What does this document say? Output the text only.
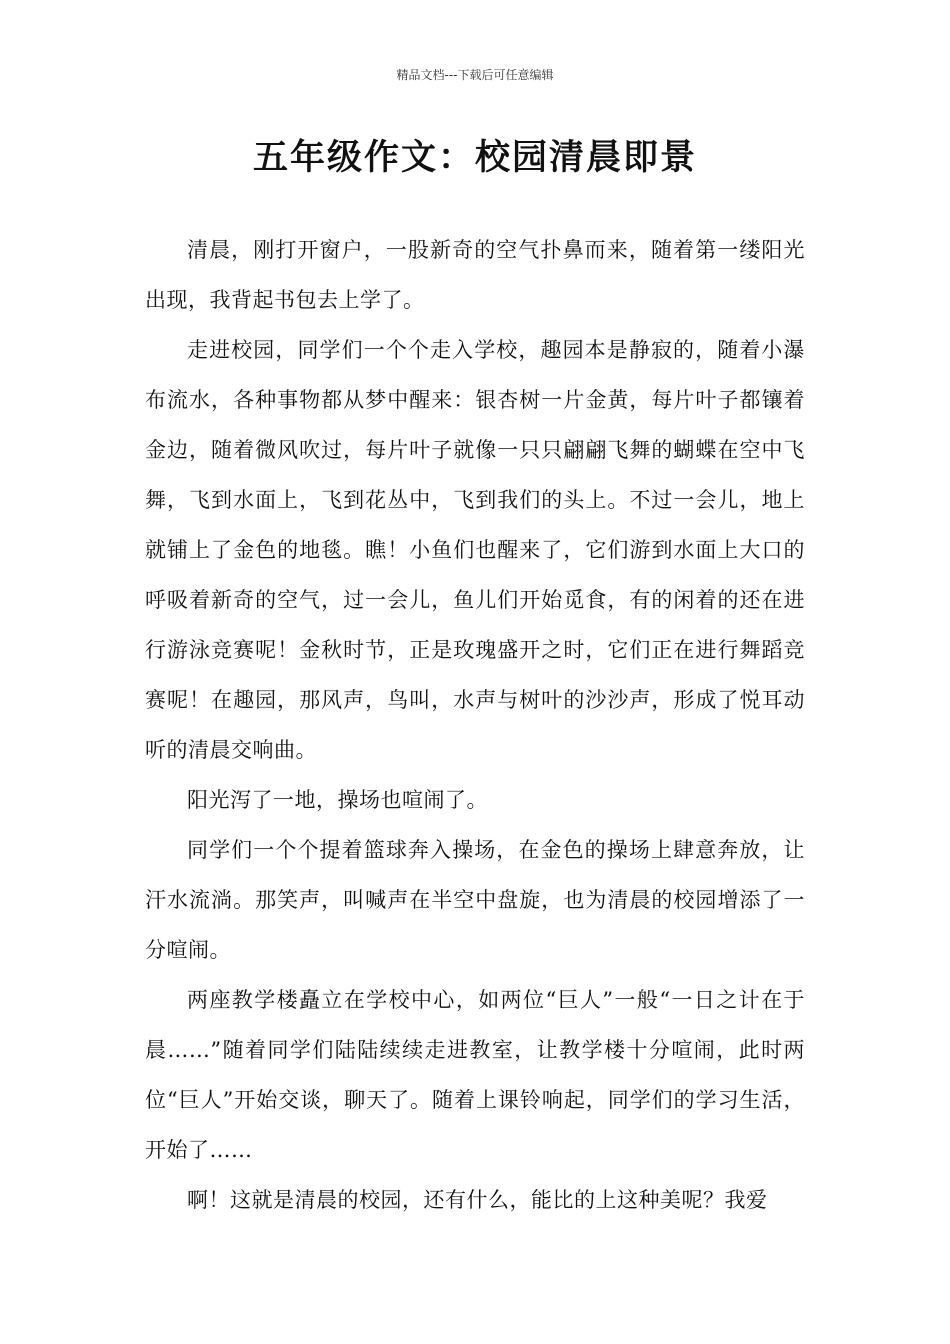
精品文档---下载后可任意编辑
五年级作文：校园清晨即景

清晨，刚打开窗户，一股新奇的空气扑鼻而来，随着第一缕阳光出现，我背起书包去上学了。

走进校园，同学们一个个走入学校，趣园本是静寂的，随着小瀑布流水，各种事物都从梦中醒来：银杏树一片金黄，每片叶子都镶着金边，随着微风吹过，每片叶子就像一只只翩翩飞舞的蝴蝶在空中飞舞，飞到水面上，飞到花丛中，飞到我们的头上。不过一会儿，地上就铺上了金色的地毯。瞧！小鱼们也醒来了，它们游到水面上大口的呼吸着新奇的空气，过一会儿，鱼儿们开始觅食，有的闲着的还在进行游泳竞赛呢！金秋时节，正是玫瑰盛开之时，它们正在进行舞蹈竞赛呢！在趣园，那风声，鸟叫，水声与树叶的沙沙声，形成了悦耳动听的清晨交响曲。

阳光泻了一地，操场也喧闹了。

同学们一个个提着篮球奔入操场，在金色的操场上肆意奔放，让汗水流淌。那笑声，叫喊声在半空中盘旋，也为清晨的校园增添了一分喧闹。

两座教学楼矗立在学校中心，如两位“巨人”一般“一日之计在于晨……”随着同学们陆陆续续走进教室，让教学楼十分喧闹，此时两位“巨人”开始交谈，聊天了。随着上课铃响起，同学们的学习生活，开始了……

啊！这就是清晨的校园，还有什么，能比的上这种美呢？我爱
